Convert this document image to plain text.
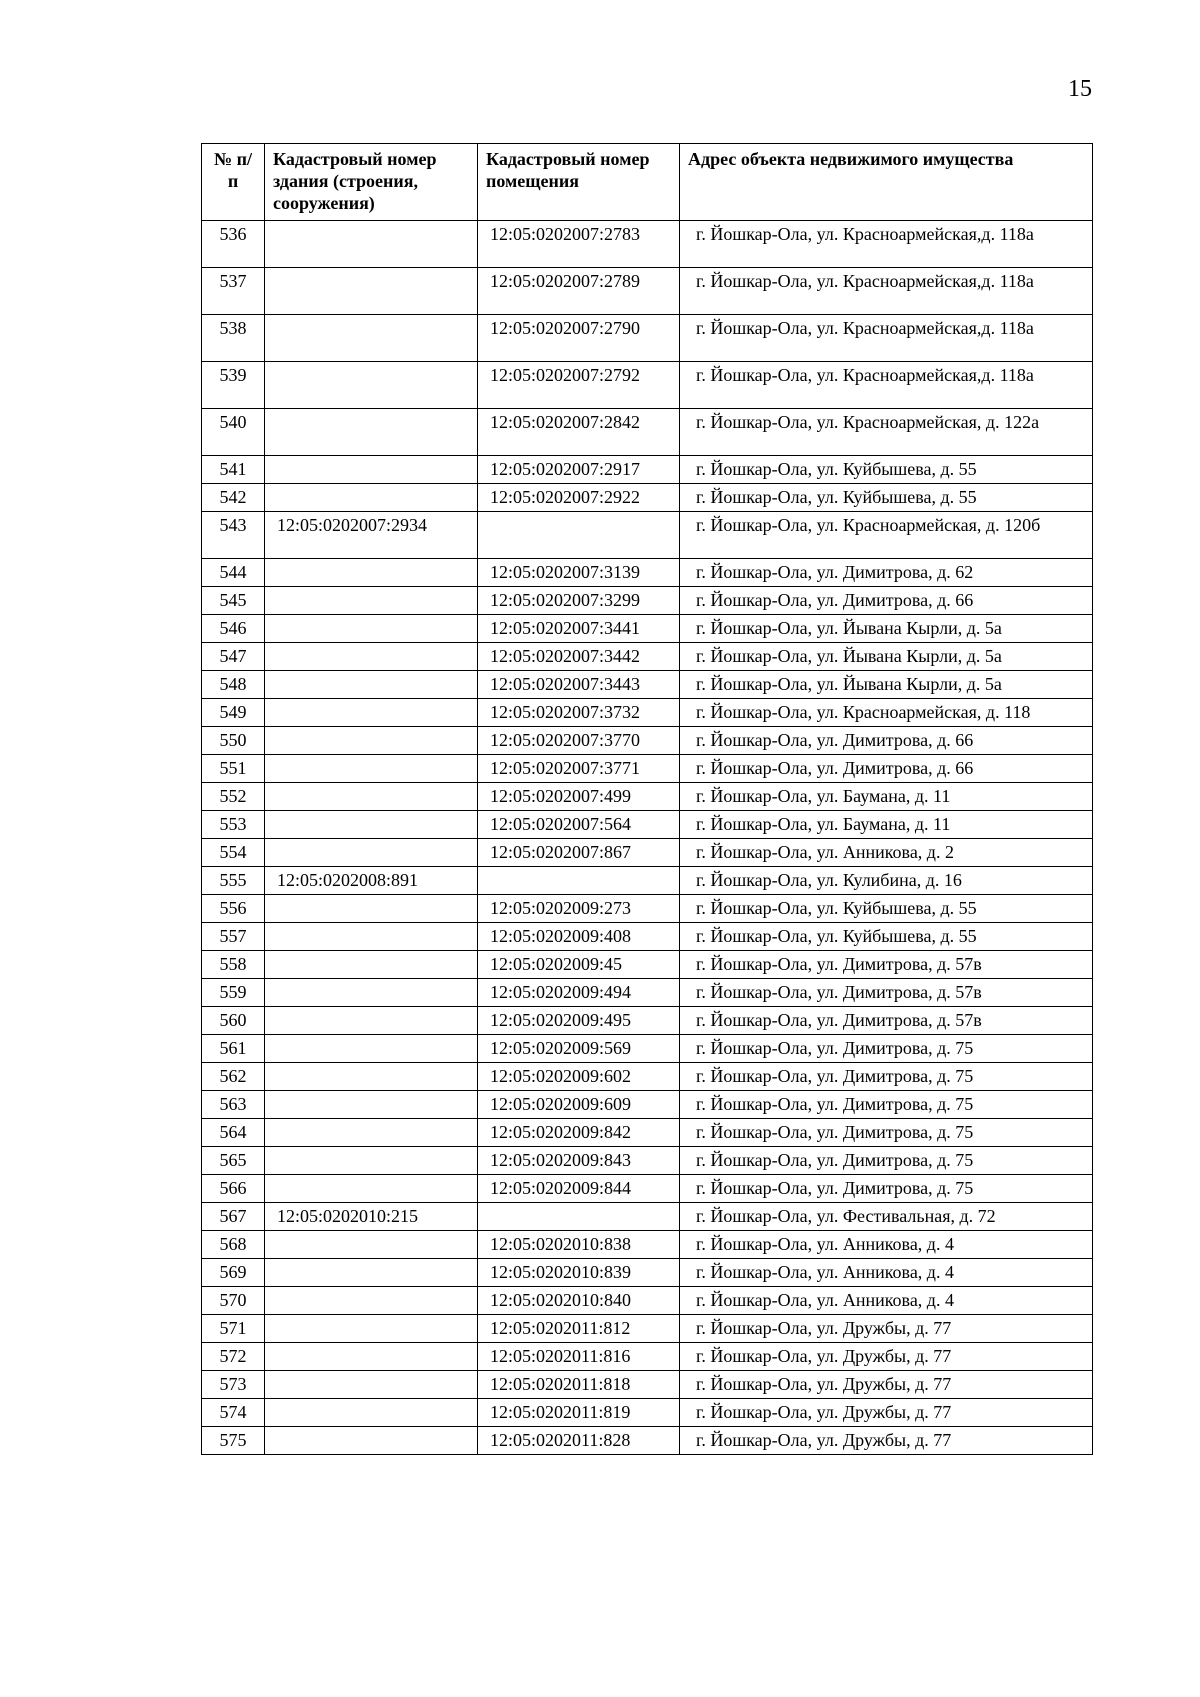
15
№ п/п	Кадастровый номер здания (строения, сооружения)	Кадастровый номер помещения	Адрес объекта недвижимого имущества
536		12:05:0202007:2783	г. Йошкар-Ола, ул. Красноармейская,д. 118а
537		12:05:0202007:2789	г. Йошкар-Ола, ул. Красноармейская,д. 118а
538		12:05:0202007:2790	г. Йошкар-Ола, ул. Красноармейская,д. 118а
539		12:05:0202007:2792	г. Йошкар-Ола, ул. Красноармейская,д. 118а
540		12:05:0202007:2842	г. Йошкар-Ола, ул. Красноармейская, д. 122а
541		12:05:0202007:2917	г. Йошкар-Ола, ул. Куйбышева, д. 55
542		12:05:0202007:2922	г. Йошкар-Ола, ул. Куйбышева, д. 55
543	12:05:0202007:2934		г. Йошкар-Ола, ул. Красноармейская, д. 120б
544		12:05:0202007:3139	г. Йошкар-Ола, ул. Димитрова, д. 62
545		12:05:0202007:3299	г. Йошкар-Ола, ул. Димитрова, д. 66
546		12:05:0202007:3441	г. Йошкар-Ола, ул. Йывана Кырли, д. 5а
547		12:05:0202007:3442	г. Йошкар-Ола, ул. Йывана Кырли, д. 5а
548		12:05:0202007:3443	г. Йошкар-Ола, ул. Йывана Кырли, д. 5а
549		12:05:0202007:3732	г. Йошкар-Ола, ул. Красноармейская, д. 118
550		12:05:0202007:3770	г. Йошкар-Ола, ул. Димитрова, д. 66
551		12:05:0202007:3771	г. Йошкар-Ола, ул. Димитрова, д. 66
552		12:05:0202007:499	г. Йошкар-Ола, ул. Баумана, д. 11
553		12:05:0202007:564	г. Йошкар-Ола, ул. Баумана, д. 11
554		12:05:0202007:867	г. Йошкар-Ола, ул. Анникова, д. 2
555	12:05:0202008:891		г. Йошкар-Ола, ул. Кулибина, д. 16
556		12:05:0202009:273	г. Йошкар-Ола, ул. Куйбышева, д. 55
557		12:05:0202009:408	г. Йошкар-Ола, ул. Куйбышева, д. 55
558		12:05:0202009:45	г. Йошкар-Ола, ул. Димитрова, д. 57в
559		12:05:0202009:494	г. Йошкар-Ола, ул. Димитрова, д. 57в
560		12:05:0202009:495	г. Йошкар-Ола, ул. Димитрова, д. 57в
561		12:05:0202009:569	г. Йошкар-Ола, ул. Димитрова, д. 75
562		12:05:0202009:602	г. Йошкар-Ола, ул. Димитрова, д. 75
563		12:05:0202009:609	г. Йошкар-Ола, ул. Димитрова, д. 75
564		12:05:0202009:842	г. Йошкар-Ола, ул. Димитрова, д. 75
565		12:05:0202009:843	г. Йошкар-Ола, ул. Димитрова, д. 75
566		12:05:0202009:844	г. Йошкар-Ола, ул. Димитрова, д. 75
567	12:05:0202010:215		г. Йошкар-Ола, ул. Фестивальная, д. 72
568		12:05:0202010:838	г. Йошкар-Ола, ул. Анникова, д. 4
569		12:05:0202010:839	г. Йошкар-Ола, ул. Анникова, д. 4
570		12:05:0202010:840	г. Йошкар-Ола, ул. Анникова, д. 4
571		12:05:0202011:812	г. Йошкар-Ола, ул. Дружбы, д. 77
572		12:05:0202011:816	г. Йошкар-Ола, ул. Дружбы, д. 77
573		12:05:0202011:818	г. Йошкар-Ола, ул. Дружбы, д. 77
574		12:05:0202011:819	г. Йошкар-Ола, ул. Дружбы, д. 77
575		12:05:0202011:828	г. Йошкар-Ола, ул. Дружбы, д. 77
